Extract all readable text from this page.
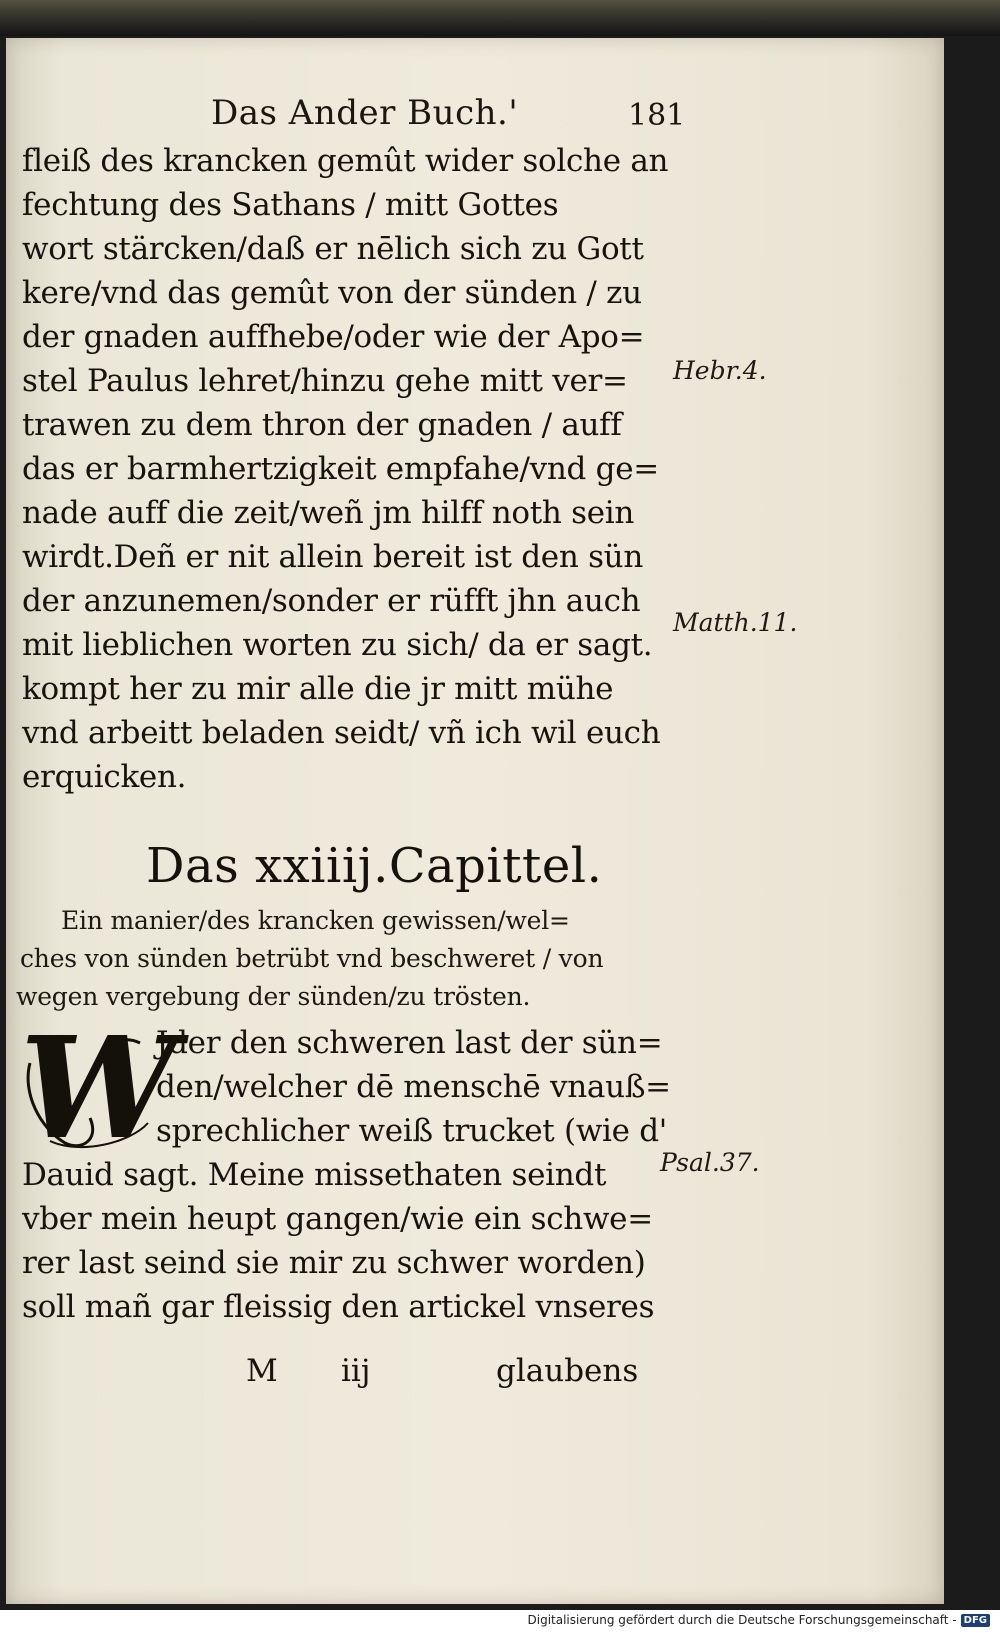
Das Ander Buch.'	181
fleiß des krancken gemût wider solche an
fechtung des Sathans / mitt Gottes
wort stärcken/daß er nēlich sich zu Gott
kere/vnd das gemût von der sünden / zu
der gnaden auffhebe/oder wie der Apo=
stel Paulus lehret/hinzu gehe mitt ver=
trawen zu dem thron der gnaden / auff
das er barmhertzigkeit empfahe/vnd ge=
nade auff die zeit/weñ jm hilff noth sein
wirdt.Deñ er nit allein bereit ist den sün
der anzunemen/sonder er rüfft jhn auch
mit lieblichen worten zu sich/ da er sagt.
kompt her zu mir alle die jr mitt mühe
vnd arbeitt beladen seidt/ vñ ich wil euch
erquicken.
Das xxiiij.Capittel.
Ein manier/des krancken gewissen/wel=
ches von sünden betrübt vnd beschweret / von
wegen vergebung der sünden/zu trösten.
W
Jder den schweren last der sün=
den/welcher dē menschē vnauß=
sprechlicher weiß trucket (wie d'
Dauid sagt. Meine missethaten seindt
vber mein heupt gangen/wie ein schwe=
rer last seind sie mir zu schwer worden)
soll mañ gar fleissig den artickel vnseres
M iij	glaubens
Hebr.4.
Matth.11.
Psal.37.
Digitalisierung gefördert durch die Deutsche Forschungsgemeinschaft - DFG
